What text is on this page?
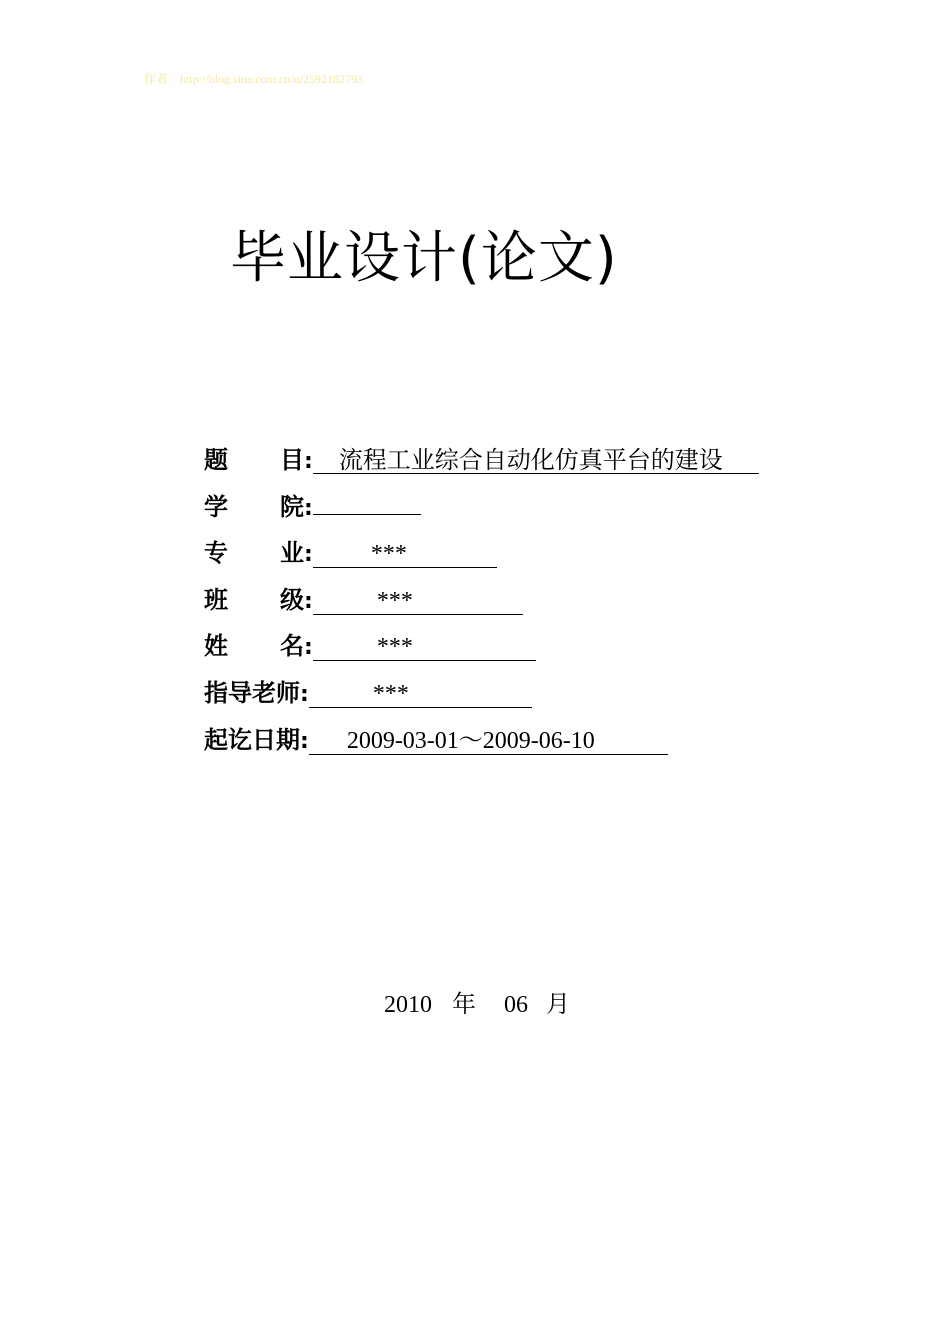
作者：http://blog.sina.com.cn/u/2592182793
毕业设计(论文)
题	目 :	流程工业综合自动化仿真平台的建设
学	院 :
专	业 :	***
班	级 :	***
姓	名 :	***
指导老师 :	***
起讫日期 :	2009-03-01～2009-06-10
2010 年 06 月
